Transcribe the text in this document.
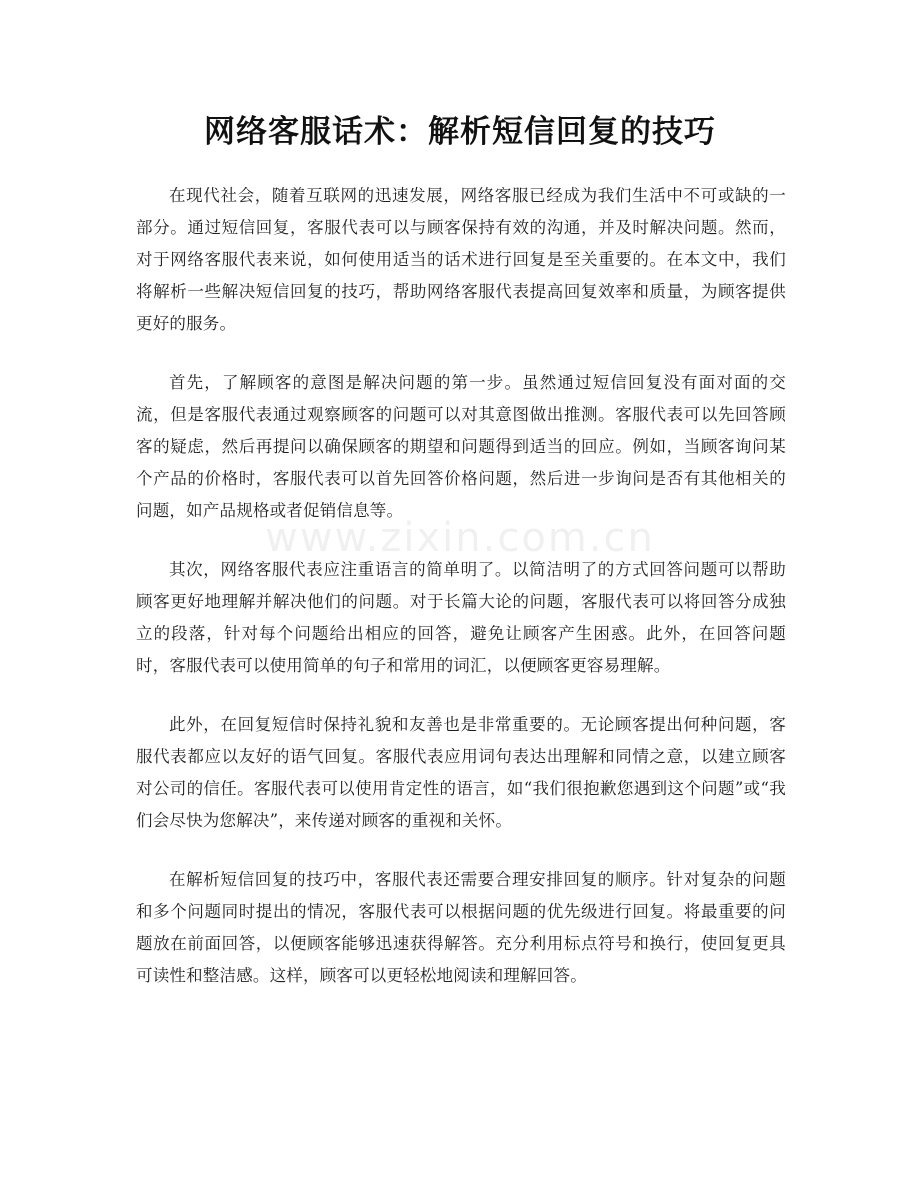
www.zixin.com.cn
网络客服话术：解析短信回复的技巧

在现代社会，随着互联网的迅速发展，网络客服已经成为我们生活中不可或缺的一部分。通过短信回复，客服代表可以与顾客保持有效的沟通，并及时解决问题。然而，对于网络客服代表来说，如何使用适当的话术进行回复是至关重要的。在本文中，我们将解析一些解决短信回复的技巧，帮助网络客服代表提高回复效率和质量，为顾客提供更好的服务。

首先，了解顾客的意图是解决问题的第一步。虽然通过短信回复没有面对面的交流，但是客服代表通过观察顾客的问题可以对其意图做出推测。客服代表可以先回答顾客的疑虑，然后再提问以确保顾客的期望和问题得到适当的回应。例如，当顾客询问某个产品的价格时，客服代表可以首先回答价格问题，然后进一步询问是否有其他相关的问题，如产品规格或者促销信息等。

其次，网络客服代表应注重语言的简单明了。以简洁明了的方式回答问题可以帮助顾客更好地理解并解决他们的问题。对于长篇大论的问题，客服代表可以将回答分成独立的段落，针对每个问题给出相应的回答，避免让顾客产生困惑。此外，在回答问题时，客服代表可以使用简单的句子和常用的词汇，以便顾客更容易理解。

此外，在回复短信时保持礼貌和友善也是非常重要的。无论顾客提出何种问题，客服代表都应以友好的语气回复。客服代表应用词句表达出理解和同情之意，以建立顾客对公司的信任。客服代表可以使用肯定性的语言，如“我们很抱歉您遇到这个问题”或“我们会尽快为您解决”，来传递对顾客的重视和关怀。

在解析短信回复的技巧中，客服代表还需要合理安排回复的顺序。针对复杂的问题和多个问题同时提出的情况，客服代表可以根据问题的优先级进行回复。将最重要的问题放在前面回答，以便顾客能够迅速获得解答。充分利用标点符号和换行，使回复更具可读性和整洁感。这样，顾客可以更轻松地阅读和理解回答。
